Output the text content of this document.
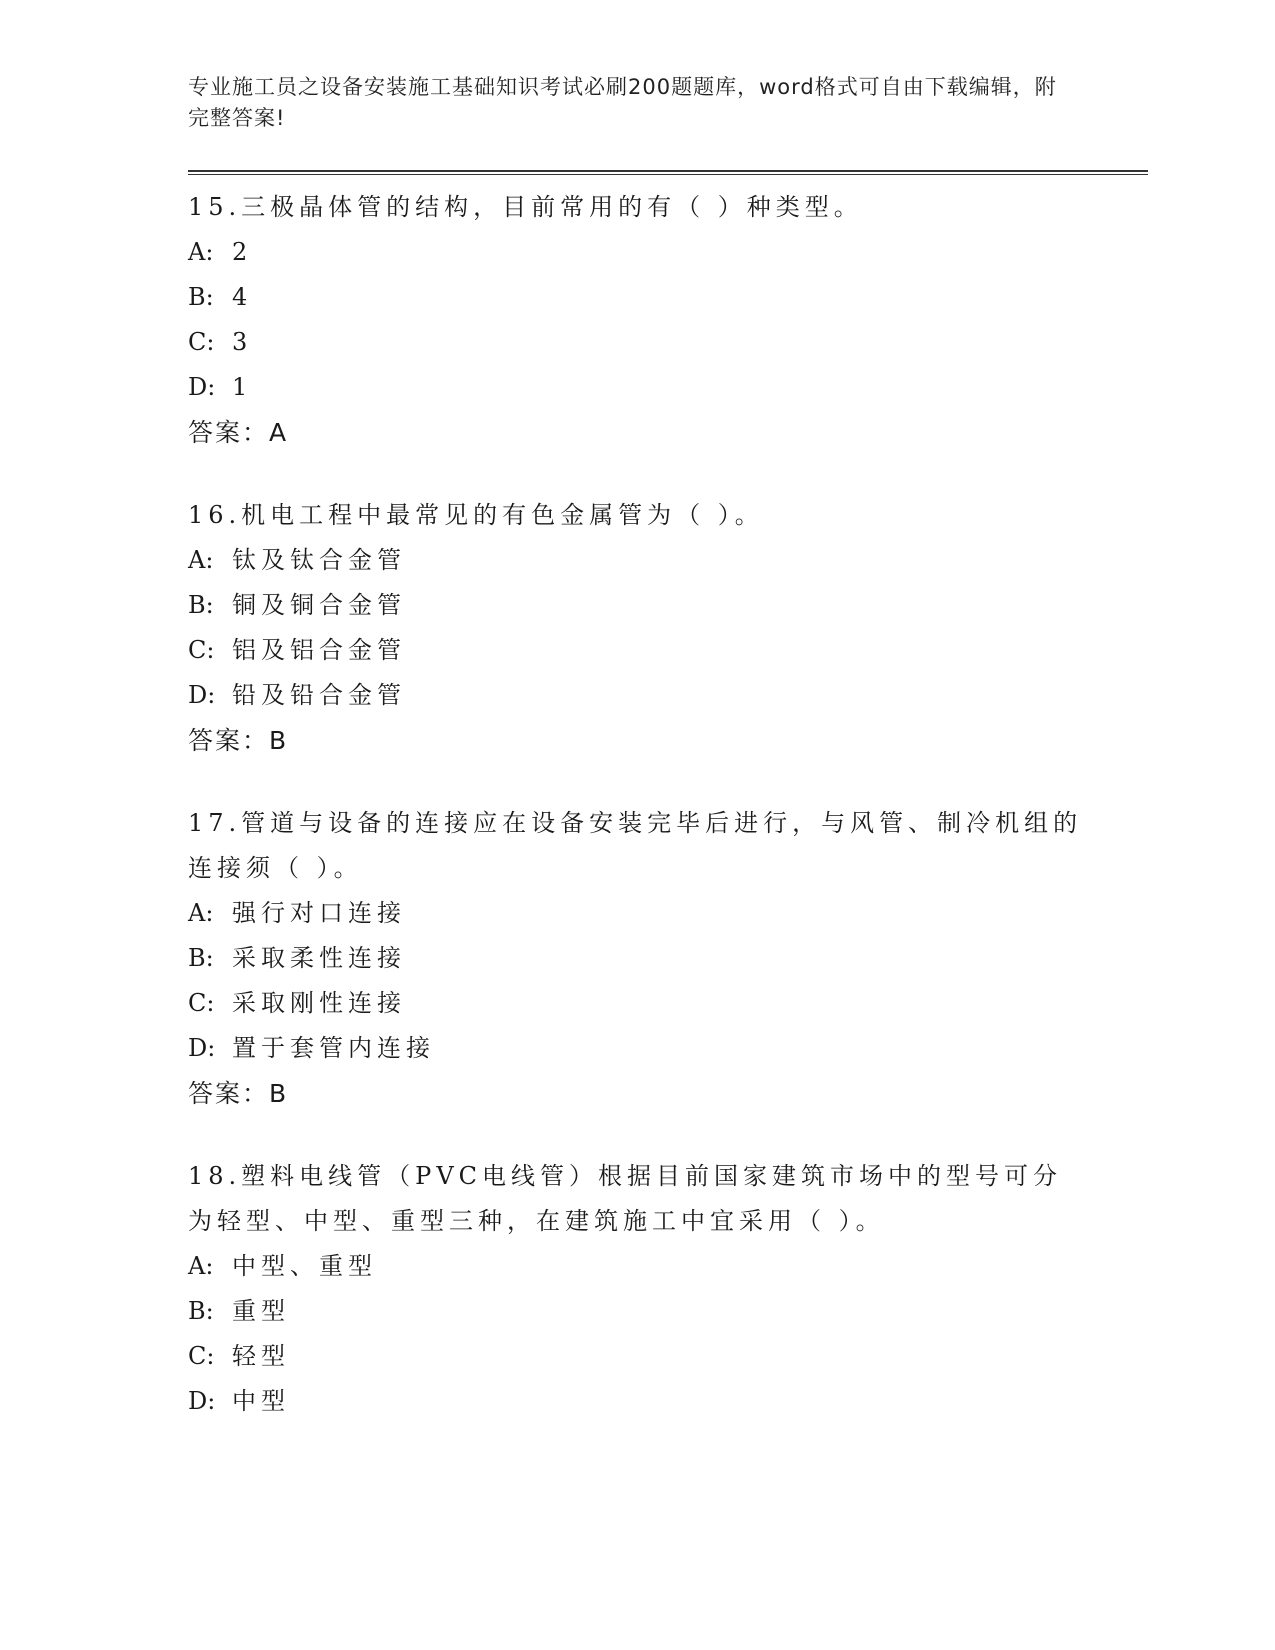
专业施工员之设备安装施工基础知识考试必刷200题题库，word格式可自由下载编辑，附完整答案!

15.三极晶体管的结构，目前常用的有（ ）种类型。

A: 2

B: 4

C: 3

D: 1

答案：A

16.机电工程中最常见的有色金属管为（ ）。

A: 钛及钛合金管

B: 铜及铜合金管

C: 铝及铝合金管

D: 铅及铅合金管

答案：B

17.管道与设备的连接应在设备安装完毕后进行，与风管、制冷机组的连接须（ ）。

A: 强行对口连接

B: 采取柔性连接

C: 采取刚性连接

D: 置于套管内连接

答案：B

18.塑料电线管（PVC电线管）根据目前国家建筑市场中的型号可分为轻型、中型、重型三种，在建筑施工中宜采用（ ）。

A: 中型、重型

B: 重型

C: 轻型

D: 中型
